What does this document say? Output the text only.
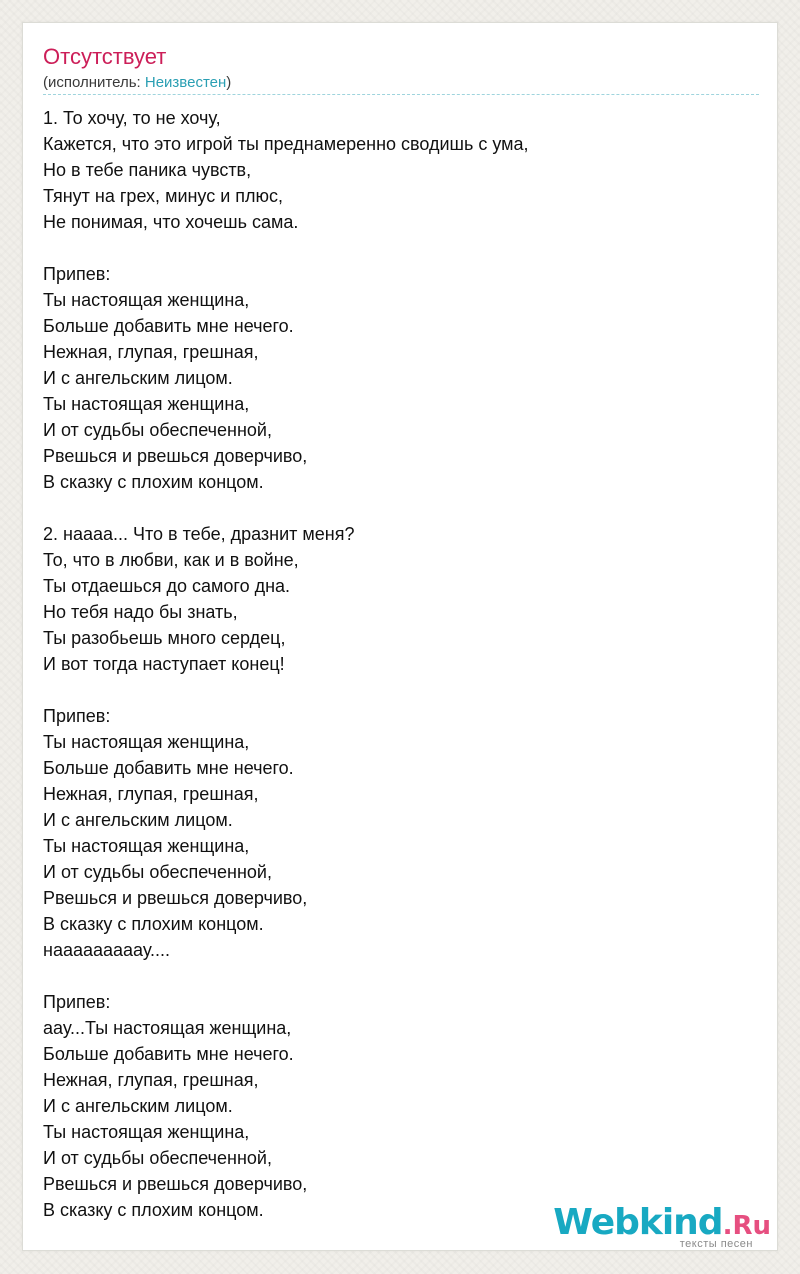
Отсутствует
(исполнитель: Неизвестен)
1. То хочу, то не хочу,
Кажется, что это игрой ты преднамеренно сводишь с ума,
Но в тебе паника чувств,
Тянут на грех, минус и плюс,
Не понимая, что хочешь сама.
Припев:
Ты настоящая женщина,
Больше добавить мне нечего.
Нежная, глупая, грешная,
И с ангельским лицом.
Ты настоящая женщина,
И от судьбы обеспеченной,
Рвешься и рвешься доверчиво,
В сказку с плохим концом.
2. наааа... Что в тебе, дразнит меня?
То, что в любви, как и в войне,
Ты отдаешься до самого дна.
Но тебя надо бы знать,
Ты разобьешь много сердец,
И вот тогда наступает конец!
Припев:
Ты настоящая женщина,
Больше добавить мне нечего.
Нежная, глупая, грешная,
И с ангельским лицом.
Ты настоящая женщина,
И от судьбы обеспеченной,
Рвешься и рвешься доверчиво,
В сказку с плохим концом.
нааааааааау....
Припев:
аау...Ты настоящая женщина,
Больше добавить мне нечего.
Нежная, глупая, грешная,
И с ангельским лицом.
Ты настоящая женщина,
И от судьбы обеспеченной,
Рвешься и рвешься доверчиво,
В сказку с плохим концом.	Webkind.Ru
тексты песен
